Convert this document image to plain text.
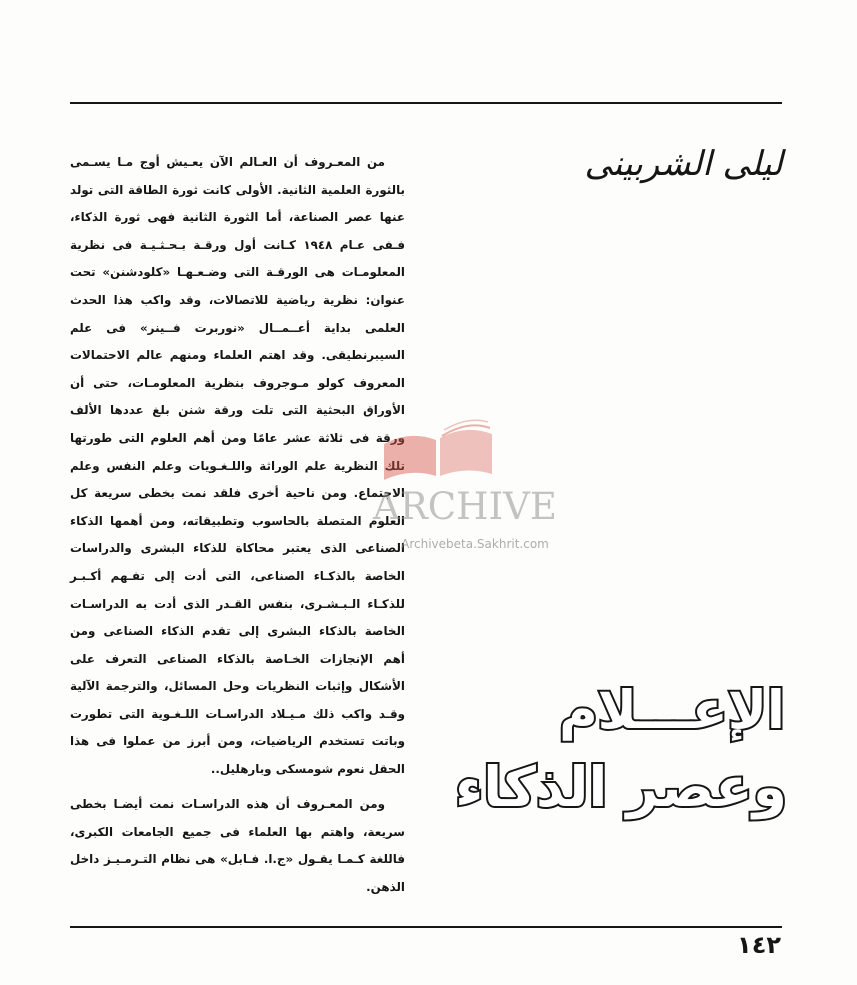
ليلى الشربينى
من المعـروف أن العـالم الآن يعـيش أوج مـا يسـمى
بالثورة العلمية الثانية. الأولى كانت ثورة الطاقة التى تولد
عنها عصر الصناعة، أما الثورة الثانية فهى ثورة الذكاء،
فـفى عـام ١٩٤٨ كـانت أول ورقـة بـحـثـيـة فى نظرية
المعلومـات هى الورقـة التى وضـعـهـا «كلودشنن» تحت
عنوان: نظرية رياضية للاتصالات، وقد واكب هذا الحدث
العلمى بداية أعــمــال «نوربرت فــينر» فى علم
السيبرنطيقى. وقد اهتم العلماء ومنهم عالم الاحتمالات
المعروف كولو مـوجروف بنظرية المعلومـات، حتى أن
الأوراق البحثية التى تلت ورقة شنن بلغ عددها الألف
ورقة فى ثلاثة عشر عامًا ومن أهم العلوم التى طورتها
تلك النظرية علم الوراثة واللـغـويات وعلم النفس وعلم
الاجتماع. ومن ناحية أخرى فلقد نمت بخطى سريعة كل
العلوم المتصلة بالحاسوب وتطبيقاته، ومن أهمها الذكاء
الصناعى الذى يعتبر محاكاة للذكاء البشرى والدراسات
الخاصة بالذكـاء الصناعى، التى أدت إلى تفـهم أكـبـر
للذكـاء الـبـشـرى، بنفس القـدر الذى أدت به الدراسـات
الخاصة بالذكاء البشرى إلى تقدم الذكاء الصناعى ومن
أهم الإنجازات الخـاصة بالذكاء الصناعى التعرف على
الأشكال وإثبات النظريات وحل المسائل، والترجمة الآلية
وقـد واكب ذلك مـيـلاد الدراسـات اللـغـوية التى تطورت
وباتت تستخدم الرياضيات، ومن أبرز من عملوا فى هذا
الحقل نعوم شومسكى وبارهليل..
ومن المعـروف أن هذه الدراسـات نمت أيضـا بخطى
سريعة، واهتم بها العلماء فى جميع الجامعات الكبرى،
فاللغة كـمـا يقـول «ج.ا. فـابل» هى نظام التـرمـيـز داخل
الذهن.
الإعـــلام
وعصر الذكاء
١٤٢
ARCHIVE
Archivebeta.Sakhrit.com
